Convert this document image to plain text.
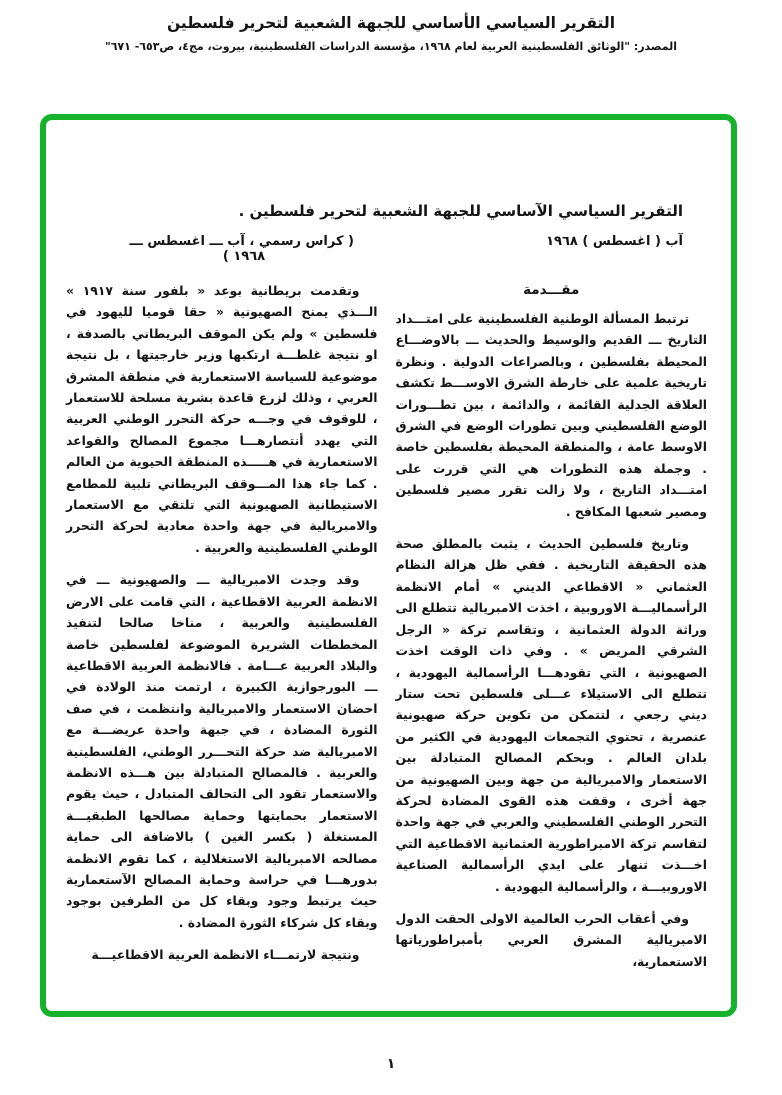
التقرير السياسي الأساسي للجبهة الشعبية لتحرير فلسطين
المصدر: "الوثائق الفلسطينية العربية لعام ١٩٦٨، مؤسسة الدراسات الفلسطينية، بيروت، مج٤، ص٦٥٣- ٦٧١"
التقرير السياسي الآساسي للجبهة الشعبية لتحرير فلسطين .
آب ( اغسطس ) ١٩٦٨
( كراس رسمي ، آب ـــ اغسطس ـــ
١٩٦٨ )
مقـــدمة

ترتبط المسألة الوطنية الفلسطينية على امتـــداد التاريخ ـــ القديم والوسيط والحديث ـــ بالاوضـــاع المحيطة بفلسطين ، وبالصراعات الدولية . ونظرة تاريخية علمية على خارطة الشرق الاوســـط تكشف العلاقة الجدلية القائمة ، والدائمة ، بين تطـــورات الوضع الفلسطيني وبين تطورات الوضع في الشرق الاوسط عامة ، والمنطقة المحيطة بفلسطين خاصة . وجملة هذه التطورات هي التي قررت على امتـــداد التاريخ ، ولا زالت تقرر مصير فلسطين ومصير شعبها المكافح .

وتاريخ فلسطين الحديث ، يثبت بالمطلق صحة هذه الحقيقة التاريخية . ففي ظل هزالة النظام العثماني « الاقطاعي الديني » أمام الانظمة الرأسماليـــة الاوروبية ، اخذت الامبريالية تتطلع الى وراثة الدولة العثمانية ، وتقاسم تركة « الرجل الشرقي المريض » . وفي ذات الوقت اخذت الصهيونية ، التي تقودهـــا الرأسمالية اليهودية ، تتطلع الى الاستيلاء عـــلى فلسطين تحت ستار ديني رجعي ، لتتمكن من تكوين حركة صهيونية عنصرية ، تحتوي التجمعات اليهودية في الكثير من بلدان العالم . وبحكم المصالح المتبادلة بين الاستعمار والامبريالية من جهة وبين الصهيونية من جهة أخرى ، وقفت هذه القوى المضادة لحركة التحرر الوطني الفلسطيني والعربي في جهة واحدة لتقاسم تركة الامبراطورية العثمانية الاقطاعية التي اخـــذت تنهار على ايدي الرأسمالية الصناعية الاوروبيـــة ، والرأسمالية اليهودية .

وفي أعقاب الحرب العالمية الاولى الحقت الدول الامبريالية المشرق العربي بأمبراطورياتها الاستعمارية،

وتقدمت بريطانية بوعد « بلفور سنة ١٩١٧ » الـــذي يمنح الصهيونية « حقا قوميا لليهود في فلسطين » ولم يكن الموقف البريطاني بالصدفة ، او نتيجة غلطـــة ارتكبها وزير خارجيتها ، بل نتيجة موضوعية للسياسة الاستعمارية في منطقة المشرق العربي ، وذلك لزرع قاعدة بشرية مسلحة للاستعمار ، للوقوف في وجـــه حركة التحرر الوطني العربية التي يهدد أنتصارهـــا مجموع المصالح والقواعد الاستعمارية في هـــــذه المنطقة الحيوية من العالم . كما جاء هذا المـــوقف البريطاني تلبية للمطامع الاستيطانية الصهيونية التي تلتقي مع الاستعمار والامبريالية في جهة واحدة معادية لحركة التحرر الوطني الفلسطينية والعربية .

وقد وجدت الامبريالية ـــ والصهيونية ـــ في الانظمة العربية الاقطاعية ، التي قامت على الارض الفلسطينية والعربية ، مناخا صالحا لتنفيذ المخططات الشريرة الموضوعة لفلسطين خاصة والبلاد العربية عـــامة . فالانظمة العربية الاقطاعية ـــ البورجوازية الكبيرة ، ارتمت منذ الولادة في احضان الاستعمار والامبريالية وانتظمت ، في صف الثورة المضادة ، في جبهة واحدة عريضـــة مع الامبريالية ضد حركة التحـــرر الوطني، الفلسطينية والعربية . فالمصالح المتبادلة بين هـــذه الانظمة والاستعمار تقود الى التحالف المتبادل ، حيث يقوم الاستعمار بحمايتها وحماية مصالحها الطبقيـــة المستغلة ( بكسر الغين ) بالاضافة الى حماية مصالحه الامبريالية الاستغلالية ، كما تقوم الانظمة بدورهـــا في حراسة وحماية المصالح الآستعمارية حيث يرتبط وجود وبقاء كل من الطرفين بوجود وبقاء كل شركاء الثورة المضادة .

ونتيجة لارتمـــاء الانظمة العربية الاقطاعيـــة

١
